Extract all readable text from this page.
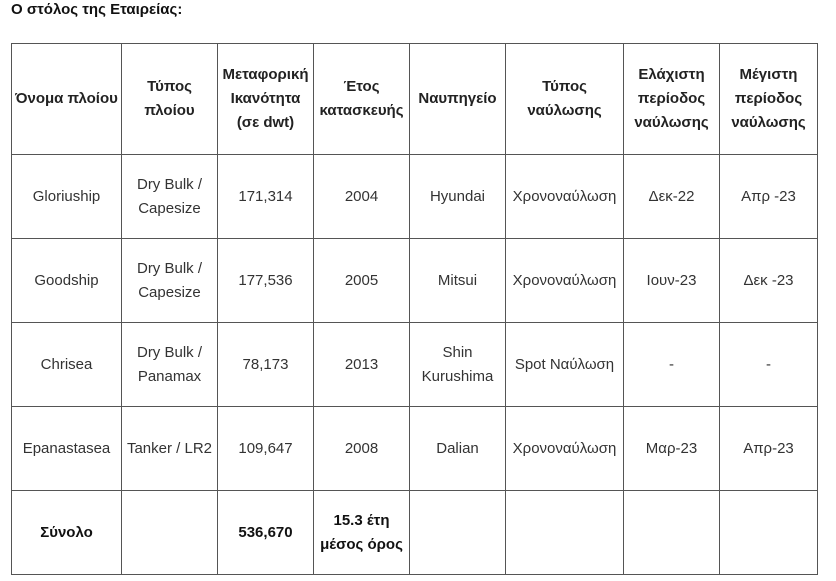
Ο στόλος της Εταιρείας:
Όνομα πλοίου	Τύπος πλοίου	Μεταφορική Ικανότητα (σε dwt)	Έτος κατασκευής	Ναυπηγείο	Τύπος ναύλωσης	Ελάχιστη περίοδος ναύλωσης	Μέγιστη περίοδος ναύλωσης
Gloriuship	Dry Bulk / Capesize	171,314	2004	Hyundai	Χρονοναύλωση	Δεκ-22	Απρ -23
Goodship	Dry Bulk / Capesize	177,536	2005	Mitsui	Χρονοναύλωση	Ιουν-23	Δεκ -23
Chrisea	Dry Bulk / Panamax	78,173	2013	Shin Kurushima	Spot Ναύλωση	-	-
Epanastasea	Tanker / LR2	109,647	2008	Dalian	Χρονοναύλωση	Μαρ-23	Απρ-23
Σύνολο		536,670	15.3 έτη μέσος όρος				
